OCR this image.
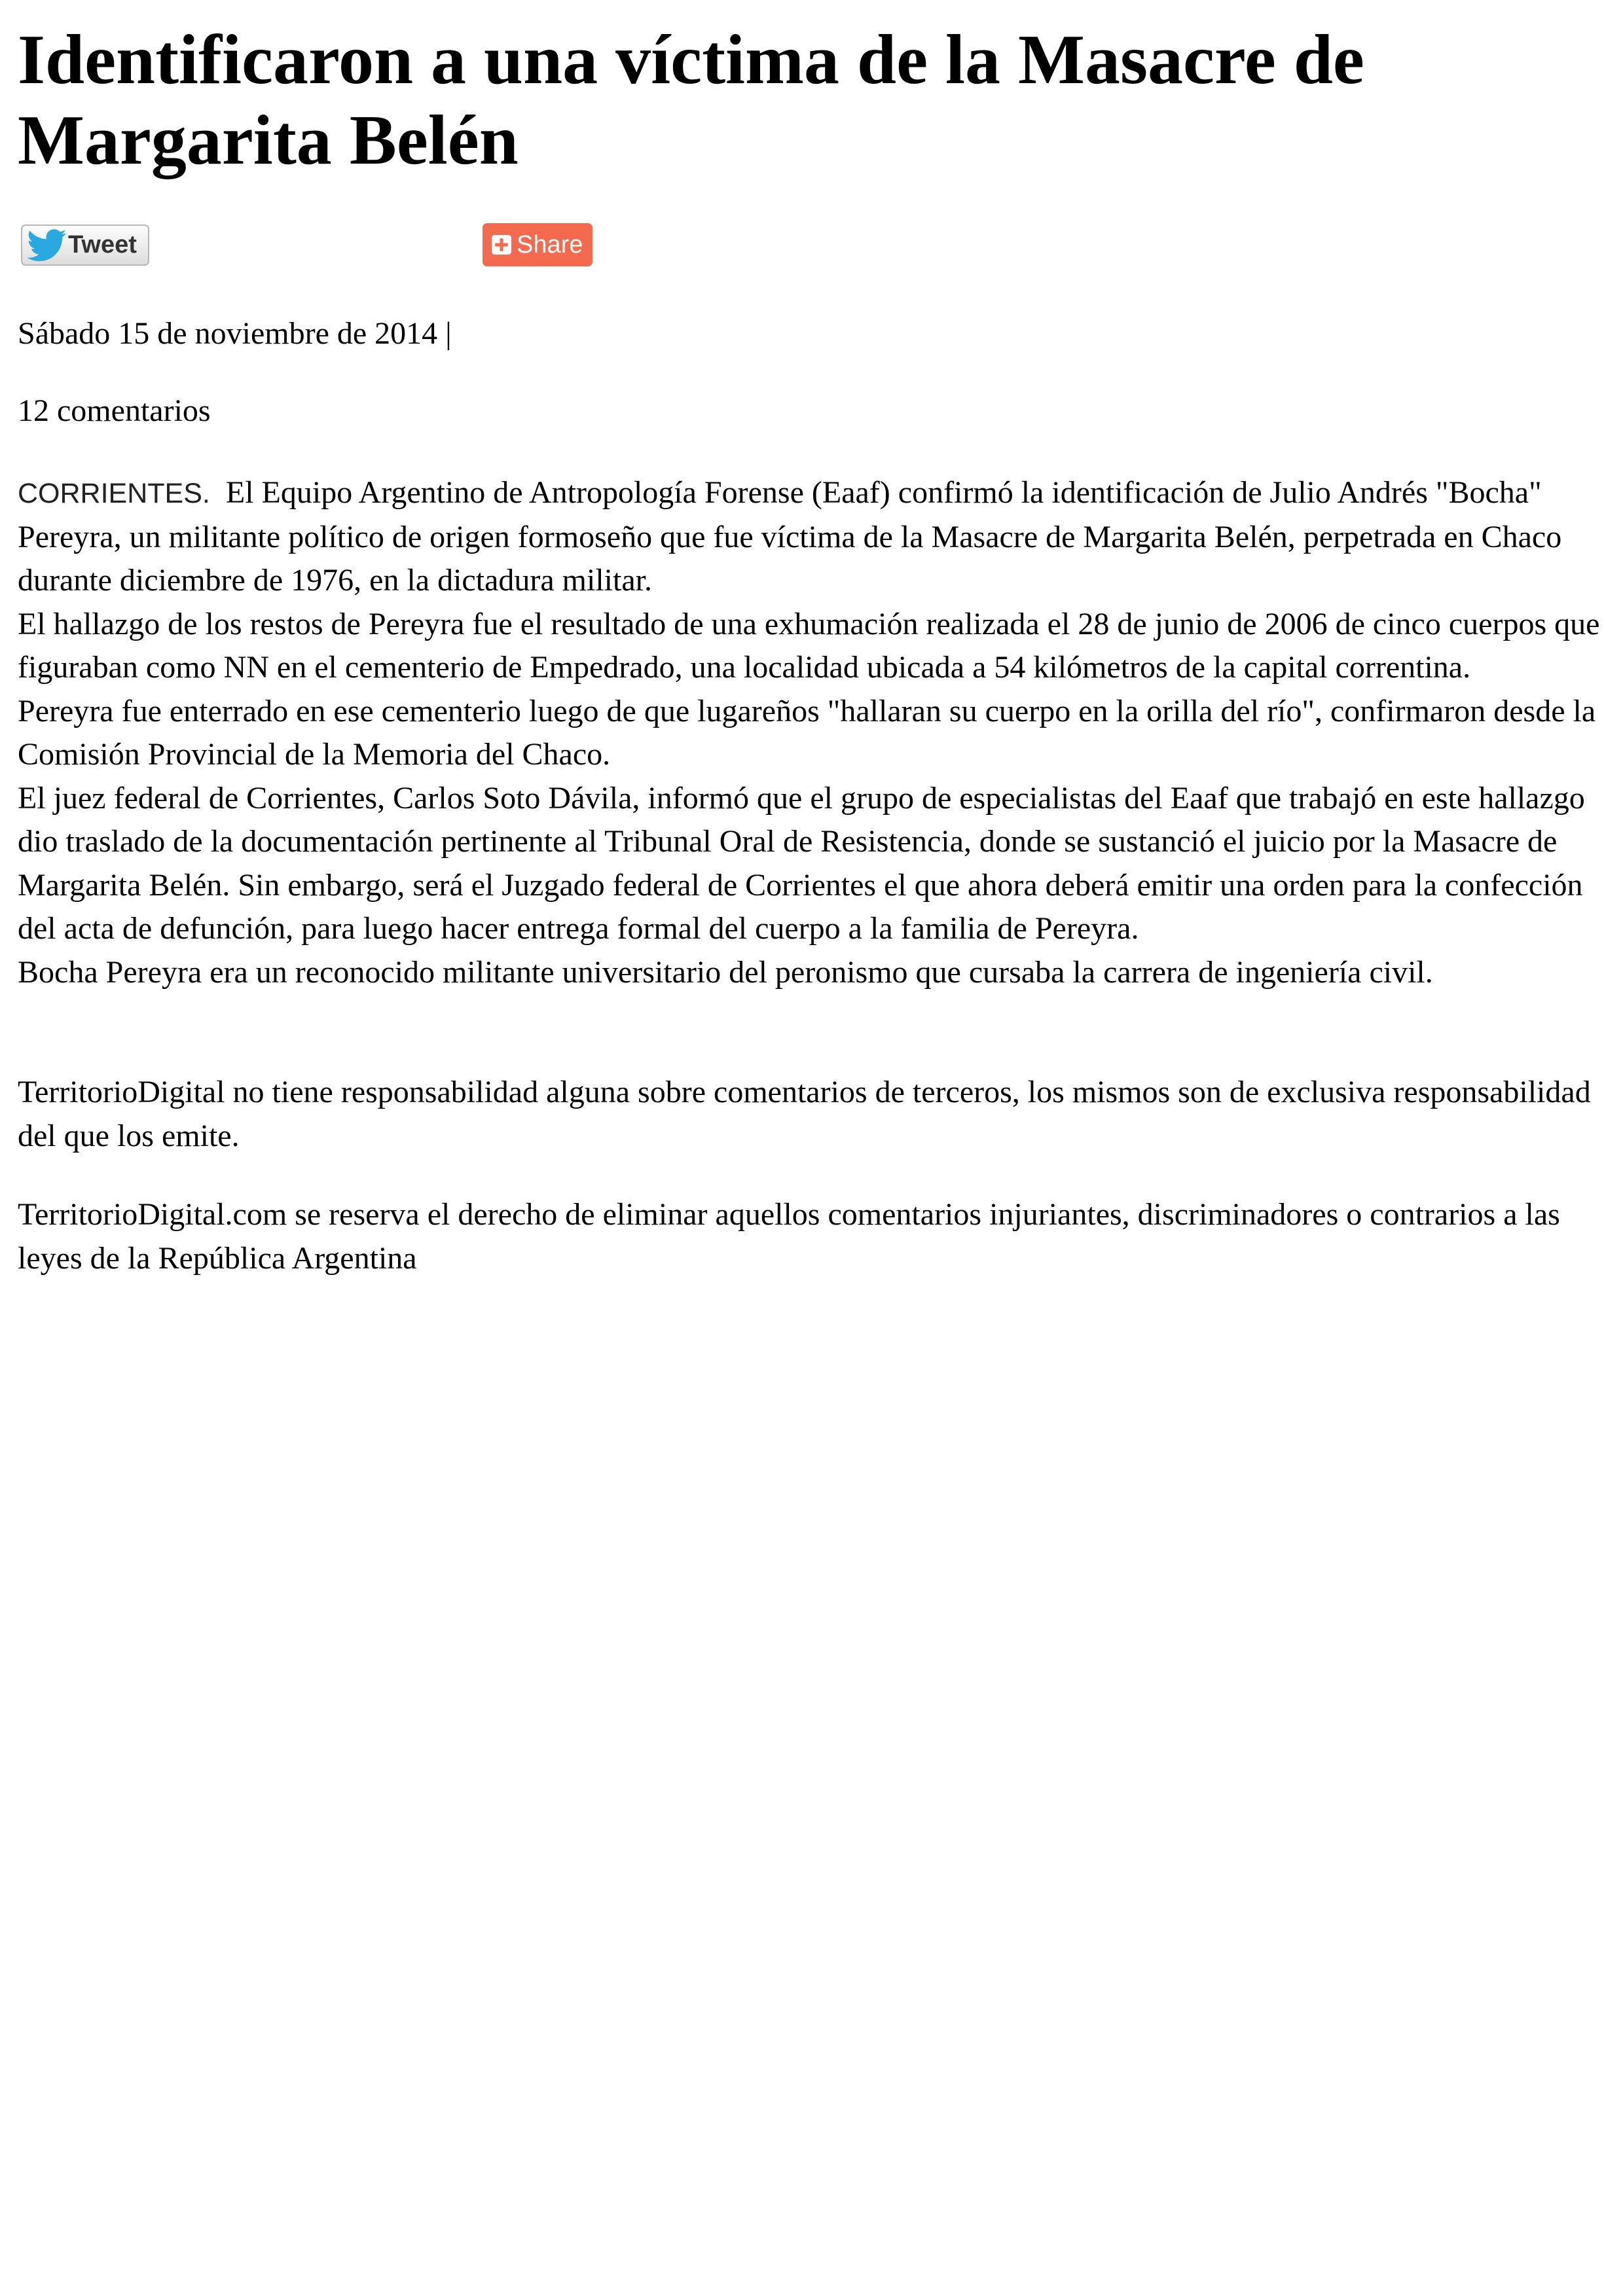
Identificaron a una víctima de la Masacre de Margarita Belén
Tweet	Share
Sábado 15 de noviembre de 2014 |
12 comentarios

CORRIENTES. El Equipo Argentino de Antropología Forense (Eaaf) confirmó la identificación de Julio Andrés "Bocha" Pereyra, un militante político de origen formoseño que fue víctima de la Masacre de Margarita Belén, perpetrada en Chaco durante diciembre de 1976, en la dictadura militar.

El hallazgo de los restos de Pereyra fue el resultado de una exhumación realizada el 28 de junio de 2006 de cinco cuerpos que figuraban como NN en el cementerio de Empedrado, una localidad ubicada a 54 kilómetros de la capital correntina.

Pereyra fue enterrado en ese cementerio luego de que lugareños "hallaran su cuerpo en la orilla del río", confirmaron desde la Comisión Provincial de la Memoria del Chaco.

El juez federal de Corrientes, Carlos Soto Dávila, informó que el grupo de especialistas del Eaaf que trabajó en este hallazgo dio traslado de la documentación pertinente al Tribunal Oral de Resistencia, donde se sustanció el juicio por la Masacre de Margarita Belén. Sin embargo, será el Juzgado federal de Corrientes el que ahora deberá emitir una orden para la confección del acta de defunción, para luego hacer entrega formal del cuerpo a la familia de Pereyra.

Bocha Pereyra era un reconocido militante universitario del peronismo que cursaba la carrera de ingeniería civil.

TerritorioDigital no tiene responsabilidad alguna sobre comentarios de terceros, los mismos son de exclusiva responsabilidad del que los emite.

TerritorioDigital.com se reserva el derecho de eliminar aquellos comentarios injuriantes, discriminadores o contrarios a las leyes de la República Argentina
